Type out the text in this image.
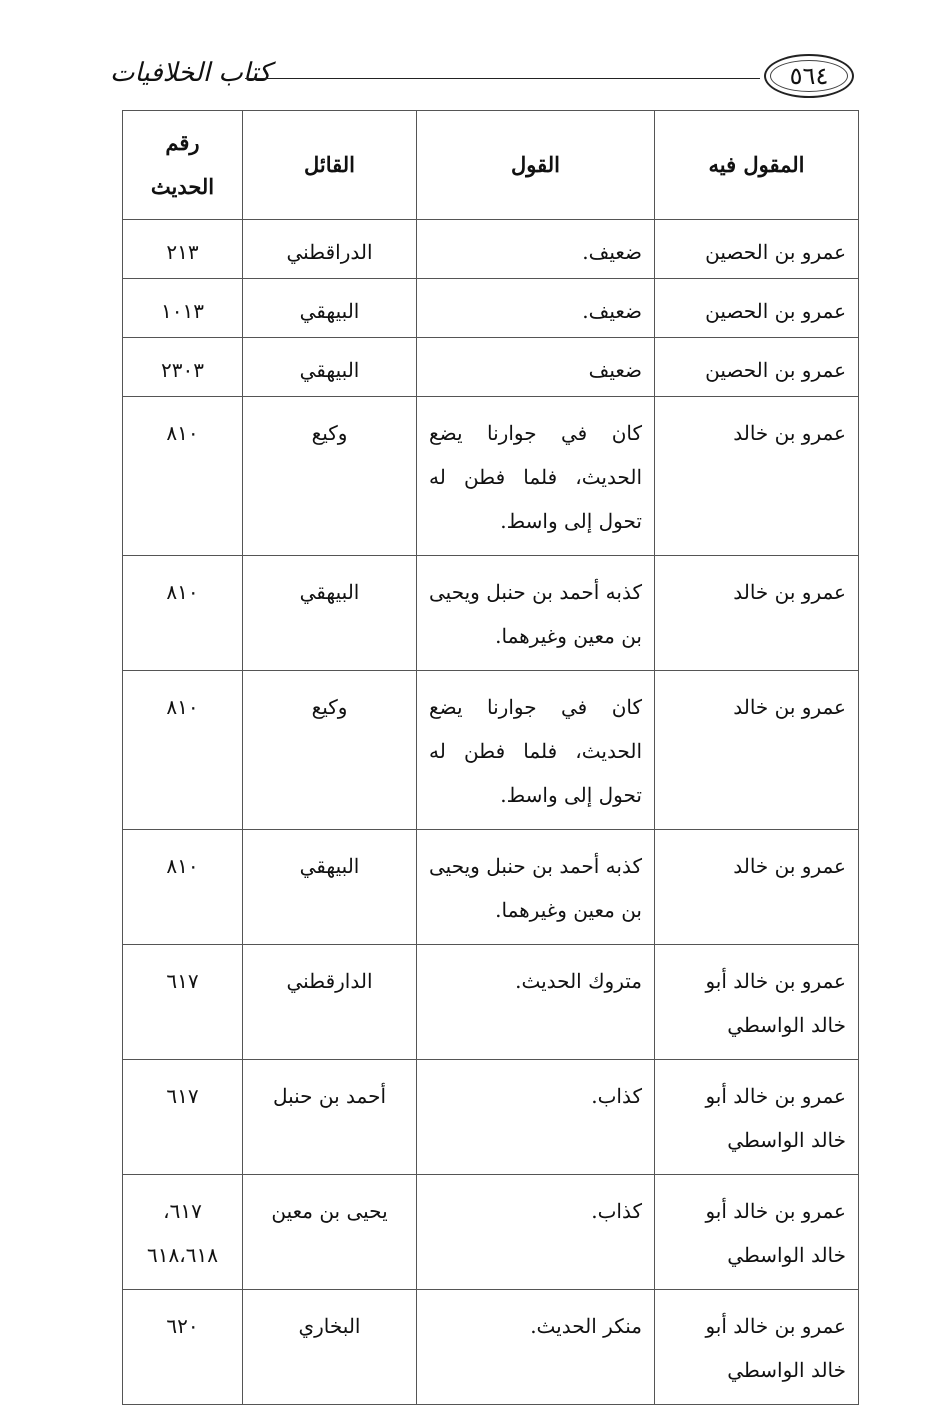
كتاب الخلافيات	٥٦٤
المقول فيه	القول	القائل	رقم الحديث
عمرو بن الحصين	ضعيف.	الدراقطني	٢١٣
عمرو بن الحصين	ضعيف.	البيهقي	١٠١٣
عمرو بن الحصين	ضعيف	البيهقي	٢٣٠٣
عمرو بن خالد	كان في جوارنا يضع الحديث، فلما فطن له تحول إلى واسط.	وكيع	٨١٠
عمرو بن خالد	كذبه أحمد بن حنبل ويحيى بن معين وغيرهما.	البيهقي	٨١٠
عمرو بن خالد	كان في جوارنا يضع الحديث، فلما فطن له تحول إلى واسط.	وكيع	٨١٠
عمرو بن خالد	كذبه أحمد بن حنبل ويحيى بن معين وغيرهما.	البيهقي	٨١٠
عمرو بن خالد أبو خالد الواسطي	متروك الحديث.	الدارقطني	٦١٧
عمرو بن خالد أبو خالد الواسطي	كذاب.	أحمد بن حنبل	٦١٧
عمرو بن خالد أبو خالد الواسطي	كذاب.	يحيى بن معين	٦١٧، ٦١٨،٦١٨
عمرو بن خالد أبو خالد الواسطي	منكر الحديث.	البخاري	٦٢٠
